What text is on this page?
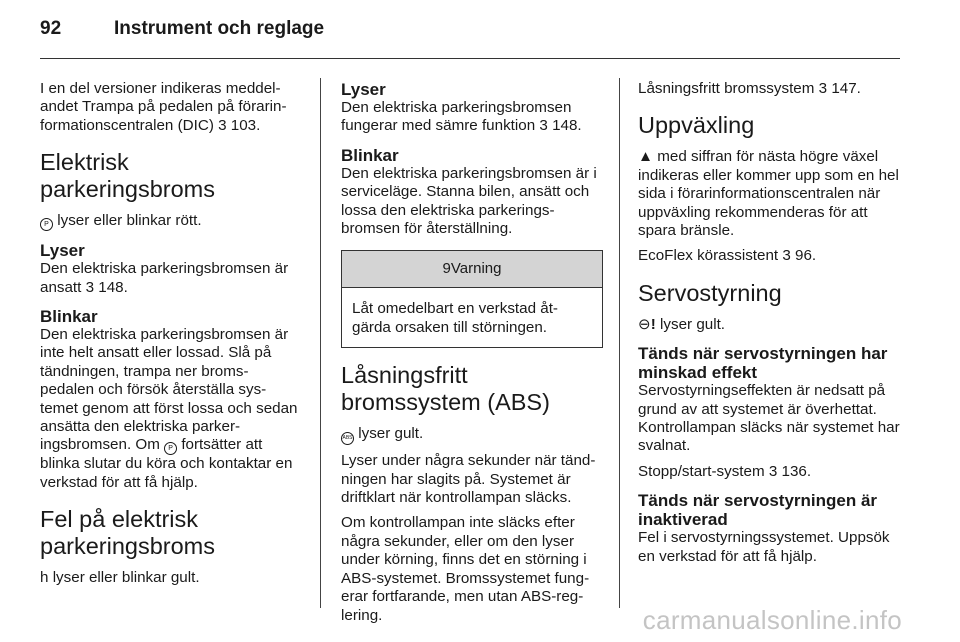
92	Instrument och reglage

I en del versioner indikeras meddel-andet Trampa på pedalen på förarin-formationscentralen (DIC) 3 103.

Elektrisk parkeringsbroms

P lyser eller blinkar rött.

Lyser

Den elektriska parkeringsbromsen är ansatt 3 148.

Blinkar

Den elektriska parkeringsbromsen är inte helt ansatt eller lossad. Slå på tändningen, trampa ner broms-pedalen och försök återställa sys-temet genom att först lossa och sedan ansätta den elektriska parker-ingsbromsen. Om P fortsätter att blinka slutar du köra och kontaktar en verkstad för att få hjälp.

Fel på elektrisk parkeringsbroms

h lyser eller blinkar gult.

Lyser

Den elektriska parkeringsbromsen fungerar med sämre funktion 3 148.

Blinkar

Den elektriska parkeringsbromsen är i serviceläge. Stanna bilen, ansätt och lossa den elektriska parkerings-bromsen för återställning.

9Varning
Låt omedelbart en verkstad åt-gärda orsaken till störningen.
Låsningsfritt bromssystem (ABS)

ABS lyser gult.

Lyser under några sekunder när tänd-ningen har slagits på. Systemet är driftklart när kontrollampan släcks.

Om kontrollampan inte släcks efter några sekunder, eller om den lyser under körning, finns det en störning i ABS-systemet. Bromssystemet fung-erar fortfarande, men utan ABS-reg-lering.

Låsningsfritt bromssystem 3 147.

Uppväxling

▲ med siffran för nästa högre växel indikeras eller kommer upp som en hel sida i förarinformationscentralen när uppväxling rekommenderas för att spara bränsle.

EcoFlex körassistent 3 96.

Servostyrning

⊖! lyser gult.

Tänds när servostyrningen har minskad effekt

Servostyrningseffekten är nedsatt på grund av att systemet är överhettat. Kontrollampan släcks när systemet har svalnat.

Stopp/start-system 3 136.

Tänds när servostyrningen är inaktiverad

Fel i servostyrningssystemet. Uppsök en verkstad för att få hjälp.

carmanualsonline.info
